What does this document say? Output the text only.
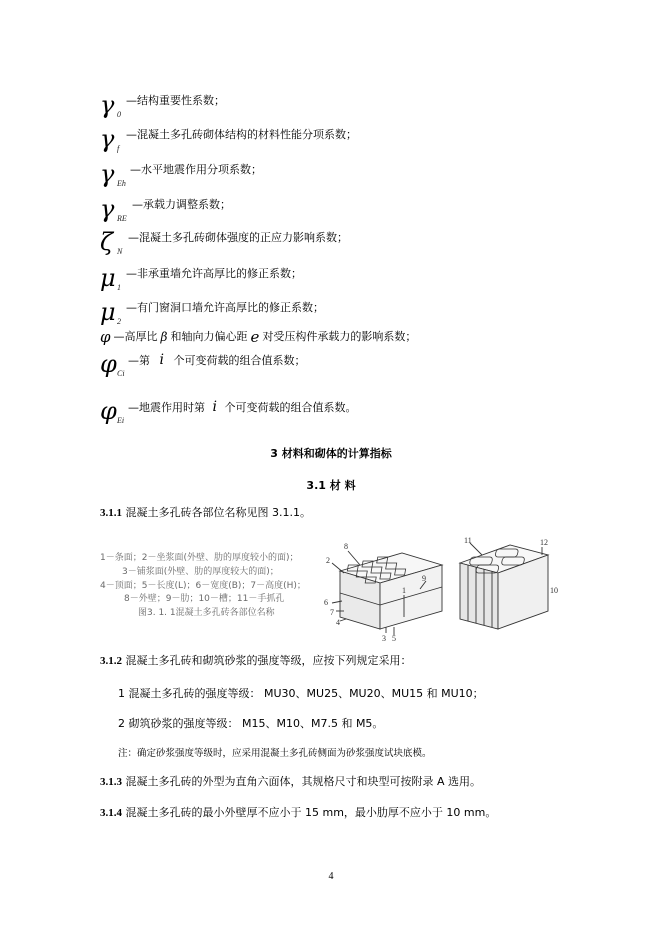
γ 0
—结构重要性系数；
γ f
—混凝土多孔砖砌体结构的材料性能分项系数；
γ Eh
—水平地震作用分项系数；
γ RE
—承载力调整系数；
ζ N
—混凝土多孔砖砌体强度的正应力影响系数；
μ 1
—非承重墙允许高厚比的修正系数；
μ 2
—有门窗洞口墙允许高厚比的修正系数；
φ —高厚比 β 和轴向力偏心距 e 对受压构件承载力的影响系数；
φ Ci
—第 i 个可变荷载的组合值系数；
φ Ei
—地震作用时第 i 个可变荷载的组合值系数。
3 材料和砌体的计算指标
3.1 材 料
3.1.1 混凝土多孔砖各部位名称见图 3.1.1。
1－条面；2－坐浆面(外壁、肋的厚度较小的面)；
3－铺浆面(外壁、肋的厚度较大的面)；
4－顶面；5－长度(L)；6－宽度(B)；7－高度(H)；
8－外壁；9－肋；10－槽；11－手抓孔
图3. 1. 1混凝土多孔砖各部位名称
8
2
9
1
6
7
4
3 5
11	12
10
3.1.2 混凝土多孔砖和砌筑砂浆的强度等级，应按下列规定采用：
1 混凝土多孔砖的强度等级： MU30、MU25、MU20、MU15 和 MU10；
2 砌筑砂浆的强度等级： M15、M10、M7.5 和 M5。
注：确定砂浆强度等级时，应采用混凝土多孔砖侧面为砂浆强度试块底模。
3.1.3 混凝土多孔砖的外型为直角六面体，其规格尺寸和块型可按附录 A 选用。
3.1.4 混凝土多孔砖的最小外壁厚不应小于 15 mm，最小肋厚不应小于 10 mm。
4
